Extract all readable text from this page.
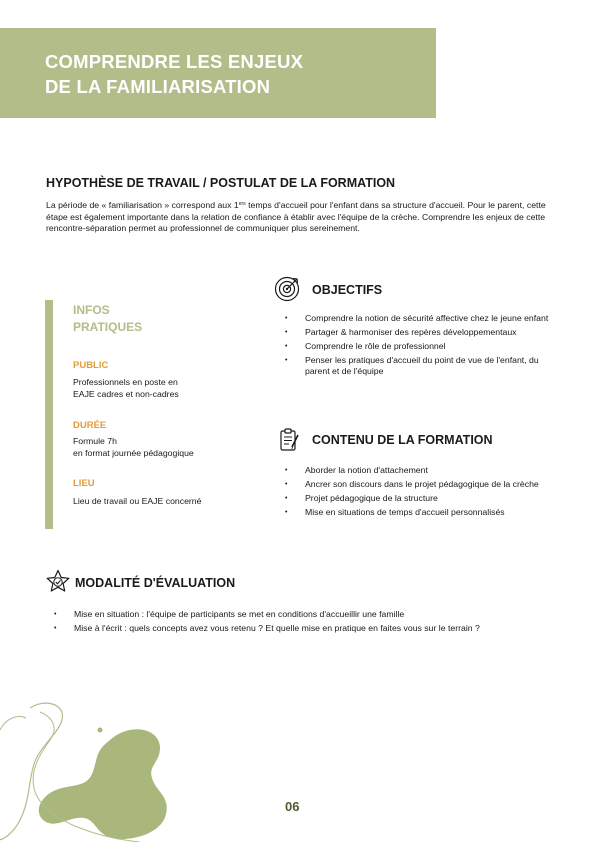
COMPRENDRE LES ENJEUX
DE LA FAMILIARISATION
HYPOTHÈSE DE TRAVAIL / POSTULAT DE LA FORMATION

La période de « familiarisation » correspond aux 1ers temps d'accueil pour l'enfant dans sa structure d'accueil. Pour le parent, cette étape est également importante dans la relation de confiance à établir avec l'équipe de la crèche. Comprendre les enjeux de cette rencontre-séparation permet au professionnel de communiquer plus sereinement.

INFOS
PRATIQUES
PUBLIC
Professionnels en poste en
EAJE cadres et non-cadres
DURÉE
Formule 7h
en format journée pédagogique
LIEU
Lieu de travail ou EAJE concerné
OBJECTIFS
• Comprendre la notion de sécurité affective chez le jeune enfant
• Partager & harmoniser des repères développementaux
• Comprendre le rôle de professionnel
• Penser les pratiques d'accueil du point de vue de l'enfant, du parent et de l'équipe
CONTENU DE LA FORMATION
• Aborder la notion d'attachement
• Ancrer son discours dans le projet pédagogique de la crèche
• Projet pédagogique de la structure
• Mise en situations de temps d'accueil personnalisés
MODALITÉ D'ÉVALUATION
• Mise en situation : l'équipe de participants se met en conditions d'accueillir une famille
• Mise à l'écrit : quels concepts avez vous retenu ? Et quelle mise en pratique en faites vous sur le terrain ?
06
